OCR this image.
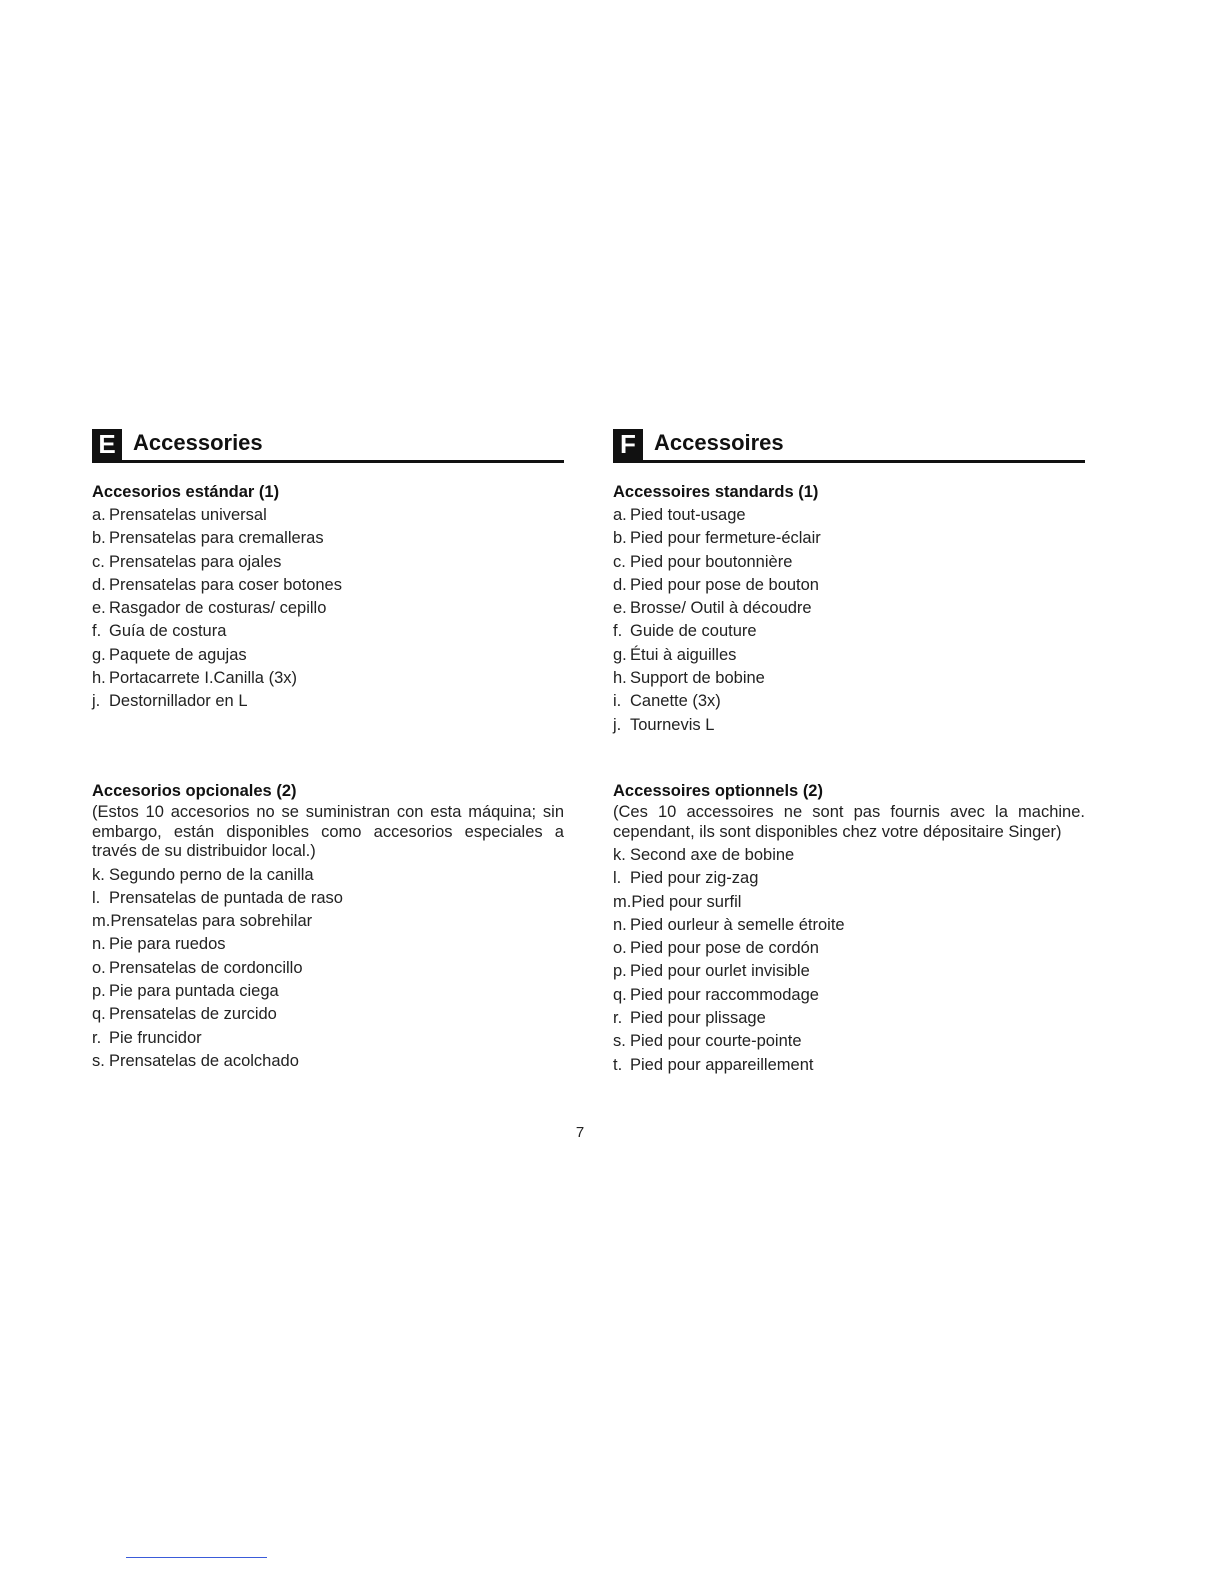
E Accessories
Accesorios estándar (1)
a. Prensatelas universal
b. Prensatelas para cremalleras
c. Prensatelas para ojales
d. Prensatelas para coser botones
e. Rasgador de costuras/ cepillo
f. Guía de costura
g. Paquete de agujas
h. Portacarrete I.Canilla (3x)
j. Destornillador en L
F Accessoires
Accessoires standards (1)
a. Pied tout-usage
b. Pied pour fermeture-éclair
c. Pied pour boutonnière
d. Pied pour pose de bouton
e. Brosse/ Outil à découdre
f. Guide de couture
g. Étui à aiguilles
h. Support de bobine
i. Canette (3x)
j. Tournevis L
Accesorios opcionales (2)
(Estos 10 accesorios no se suministran con esta máquina; sin embargo, están disponibles como accesorios especiales a través de su distribuidor local.)
k. Segundo perno de la canilla
l. Prensatelas de puntada de raso
m. Prensatelas para sobrehilar
n. Pie para ruedos
o. Prensatelas de cordoncillo
p. Pie para puntada ciega
q. Prensatelas de zurcido
r. Pie fruncidor
s. Prensatelas de acolchado
Accessoires optionnels (2)
(Ces 10 accessoires ne sont pas fournis avec la machine. cependant, ils sont disponibles chez votre dépositaire Singer)
k. Second axe de bobine
l. Pied pour zig-zag
m. Pied pour surfil
n. Pied ourleur à semelle étroite
o. Pied pour pose de cordón
p. Pied pour ourlet invisible
q. Pied pour raccommodage
r. Pied pour plissage
s. Pied pour courte-pointe
t. Pied pour appareillement
7
